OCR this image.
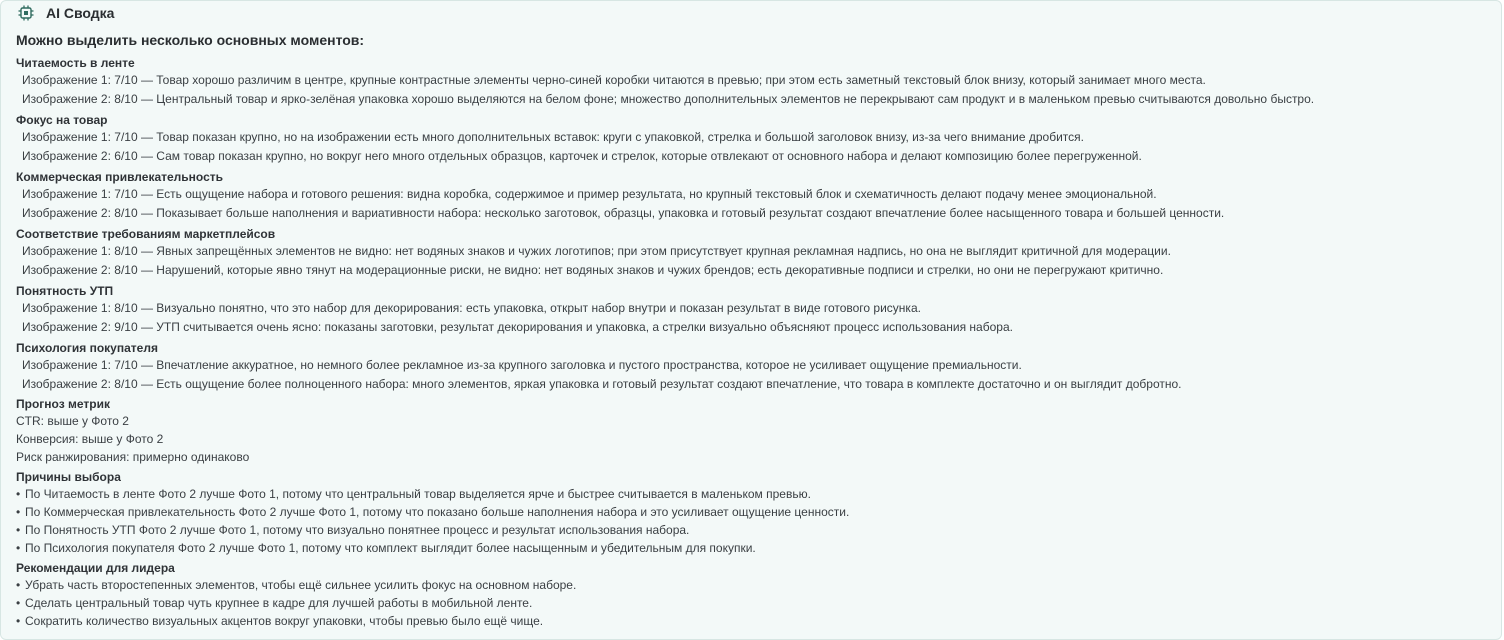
AI Сводка
Можно выделить несколько основных моментов:
Читаемость в ленте
Изображение 1: 7/10 — Товар хорошо различим в центре, крупные контрастные элементы черно-синей коробки читаются в превью; при этом есть заметный текстовый блок внизу, который занимает много места.
Изображение 2: 8/10 — Центральный товар и ярко-зелёная упаковка хорошо выделяются на белом фоне; множество дополнительных элементов не перекрывают сам продукт и в маленьком превью считываются довольно быстро.
Фокус на товар
Изображение 1: 7/10 — Товар показан крупно, но на изображении есть много дополнительных вставок: круги с упаковкой, стрелка и большой заголовок внизу, из-за чего внимание дробится.
Изображение 2: 6/10 — Сам товар показан крупно, но вокруг него много отдельных образцов, карточек и стрелок, которые отвлекают от основного набора и делают композицию более перегруженной.
Коммерческая привлекательность
Изображение 1: 7/10 — Есть ощущение набора и готового решения: видна коробка, содержимое и пример результата, но крупный текстовый блок и схематичность делают подачу менее эмоциональной.
Изображение 2: 8/10 — Показывает больше наполнения и вариативности набора: несколько заготовок, образцы, упаковка и готовый результат создают впечатление более насыщенного товара и большей ценности.
Соответствие требованиям маркетплейсов
Изображение 1: 8/10 — Явных запрещённых элементов не видно: нет водяных знаков и чужих логотипов; при этом присутствует крупная рекламная надпись, но она не выглядит критичной для модерации.
Изображение 2: 8/10 — Нарушений, которые явно тянут на модерационные риски, не видно: нет водяных знаков и чужих брендов; есть декоративные подписи и стрелки, но они не перегружают критично.
Понятность УТП
Изображение 1: 8/10 — Визуально понятно, что это набор для декорирования: есть упаковка, открыт набор внутри и показан результат в виде готового рисунка.
Изображение 2: 9/10 — УТП считывается очень ясно: показаны заготовки, результат декорирования и упаковка, а стрелки визуально объясняют процесс использования набора.
Психология покупателя
Изображение 1: 7/10 — Впечатление аккуратное, но немного более рекламное из-за крупного заголовка и пустого пространства, которое не усиливает ощущение премиальности.
Изображение 2: 8/10 — Есть ощущение более полноценного набора: много элементов, яркая упаковка и готовый результат создают впечатление, что товара в комплекте достаточно и он выглядит добротно.
Прогноз метрик
CTR: выше у Фото 2
Конверсия: выше у Фото 2
Риск ранжирования: примерно одинаково
Причины выбора
• По Читаемость в ленте Фото 2 лучше Фото 1, потому что центральный товар выделяется ярче и быстрее считывается в маленьком превью.
• По Коммерческая привлекательность Фото 2 лучше Фото 1, потому что показано больше наполнения набора и это усиливает ощущение ценности.
• По Понятность УТП Фото 2 лучше Фото 1, потому что визуально понятнее процесс и результат использования набора.
• По Психология покупателя Фото 2 лучше Фото 1, потому что комплект выглядит более насыщенным и убедительным для покупки.
Рекомендации для лидера
• Убрать часть второстепенных элементов, чтобы ещё сильнее усилить фокус на основном наборе.
• Сделать центральный товар чуть крупнее в кадре для лучшей работы в мобильной ленте.
• Сократить количество визуальных акцентов вокруг упаковки, чтобы превью было ещё чище.
